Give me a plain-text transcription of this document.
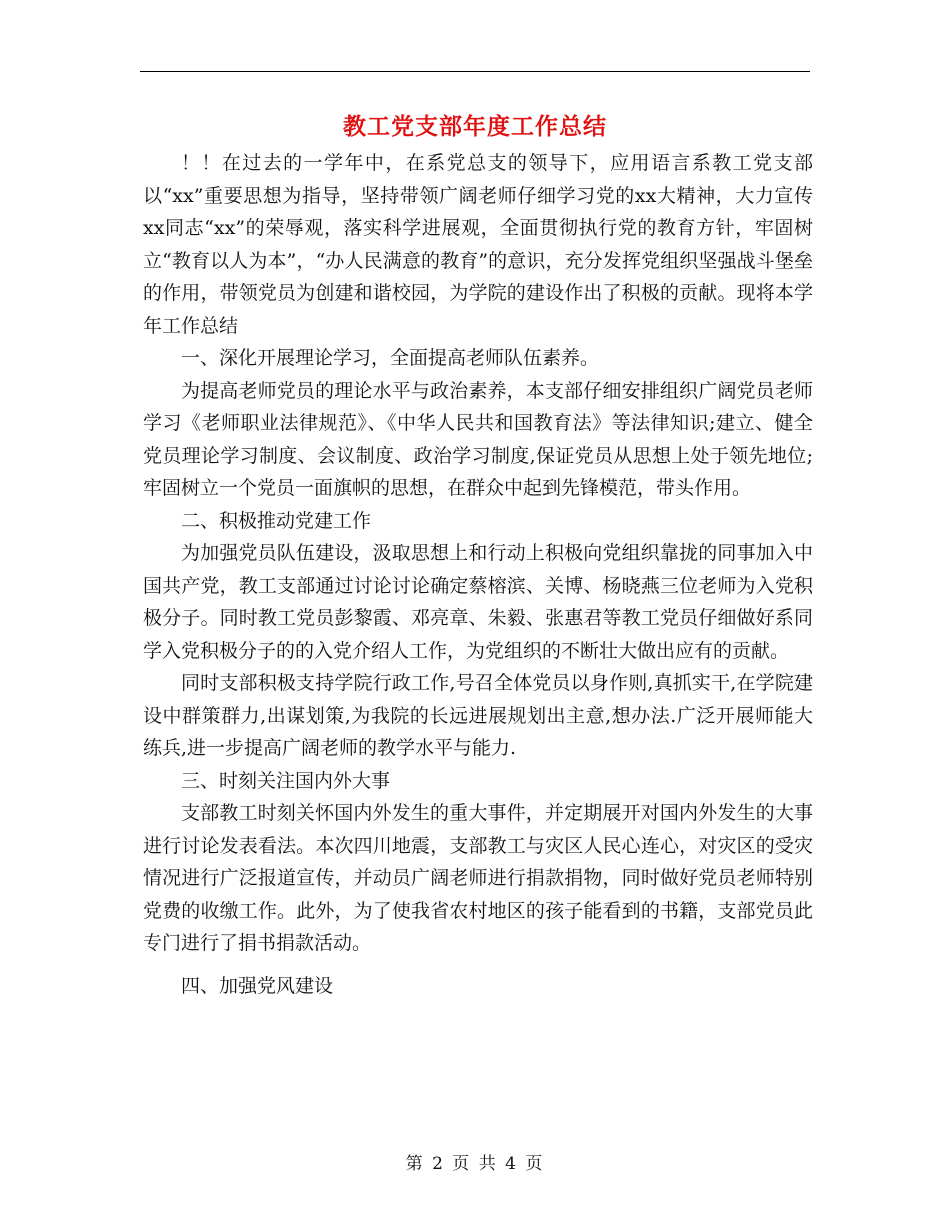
教工党支部年度工作总结

！！在过去的一学年中，在系党总支的领导下，应用语言系教工党支部以“xx”重要思想为指导，坚持带领广阔老师仔细学习党的xx大精神，大力宣传xx同志“xx”的荣辱观，落实科学进展观，全面贯彻执行党的教育方针，牢固树立“教育以人为本”，“办人民满意的教育”的意识，充分发挥党组织坚强战斗堡垒的作用，带领党员为创建和谐校园，为学院的建设作出了积极的贡献。现将本学年工作总结

一、深化开展理论学习，全面提高老师队伍素养。

为提高老师党员的理论水平与政治素养，本支部仔细安排组织广阔党员老师学习《老师职业法律规范》、《中华人民共和国教育法》等法律知识;建立、健全党员理论学习制度、会议制度、政治学习制度,保证党员从思想上处于领先地位;牢固树立一个党员一面旗帜的思想，在群众中起到先锋模范，带头作用。

二、积极推动党建工作

为加强党员队伍建设，汲取思想上和行动上积极向党组织靠拢的同事加入中国共产党，教工支部通过讨论讨论确定蔡榕滨、关博、杨晓燕三位老师为入党积极分子。同时教工党员彭黎霞、邓亮章、朱毅、张惠君等教工党员仔细做好系同学入党积极分子的的入党介绍人工作，为党组织的不断壮大做出应有的贡献。

同时支部积极支持学院行政工作,号召全体党员以身作则,真抓实干,在学院建设中群策群力,出谋划策,为我院的长远进展规划出主意,想办法.广泛开展师能大练兵,进一步提高广阔老师的教学水平与能力.

三、时刻关注国内外大事

支部教工时刻关怀国内外发生的重大事件，并定期展开对国内外发生的大事进行讨论发表看法。本次四川地震，支部教工与灾区人民心连心，对灾区的受灾情况进行广泛报道宣传，并动员广阔老师进行捐款捐物，同时做好党员老师特别党费的收缴工作。此外，为了使我省农村地区的孩子能看到的书籍，支部党员此专门进行了捐书捐款活动。

四、加强党风建设

第 2 页 共 4 页
